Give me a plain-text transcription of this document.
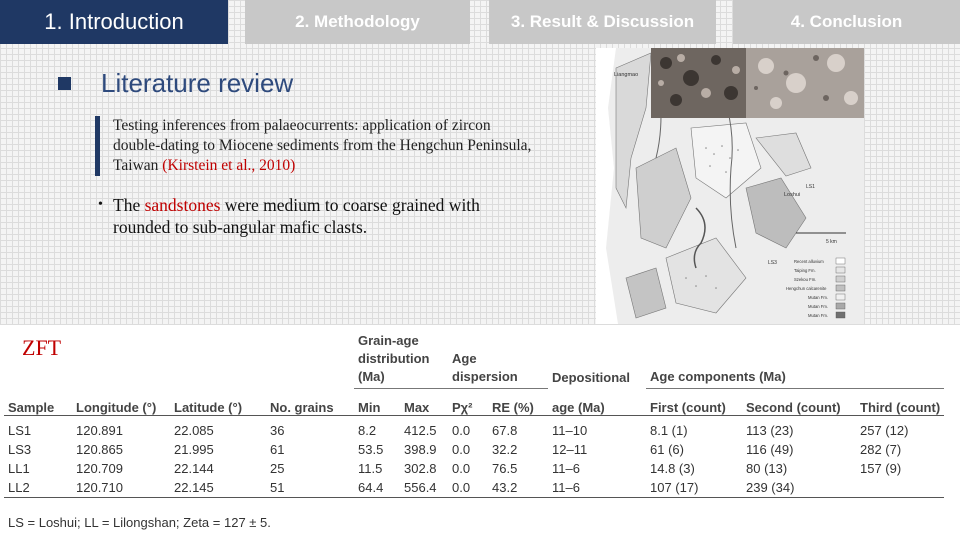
1. Introduction	2. Methodology	3. Result & Discussion	4. Conclusion
Literature review
Testing inferences from palaeocurrents: application of zircon double-dating to Miocene sediments from the Hengchun Peninsula, Taiwan (Kirstein et al., 2010)
• The sandstones were medium to coarse grained with rounded to sub-angular mafic clasts.
Liangmao
Loshui
LS1
LS3
5 km
Recent alluvium
Taiping Fm.
Szekou Fm.
Hengchun calcarenite
Mutan Fm.
Mutan Fm.
Mutan Fm.
ZFT
					Grain-age
distribution
(Ma)		Age
dispersion		Depositional	Age components (Ma)		
Sample	Longitude (°)	Latitude (°)	No. grains	Min	Max	Pχ²	RE (%)	age (Ma)	First (count)	Second (count)	Third (count)
LS1	120.891	22.085	36	8.2	412.5	0.0	67.8	11–10	8.1 (1)	113 (23)	257 (12)
LS3	120.865	21.995	61	53.5	398.9	0.0	32.2	12–11	61 (6)	116 (49)	282 (7)
LL1	120.709	22.144	25	11.5	302.8	0.0	76.5	11–6	14.8 (3)	80 (13)	157 (9)
LL2	120.710	22.145	51	64.4	556.4	0.0	43.2	11–6	107 (17)	239 (34)	
LS = Loshui; LL = Lilongshan; Zeta = 127 ± 5.
